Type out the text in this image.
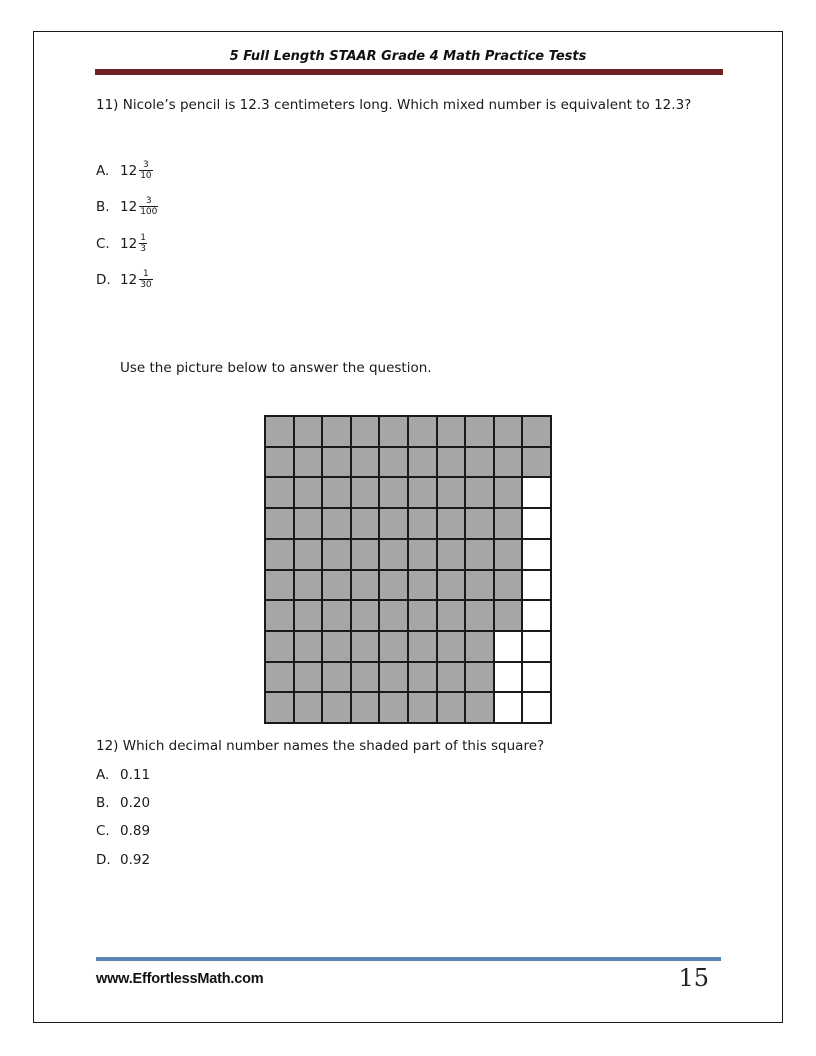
5 Full Length STAAR Grade 4 Math Practice Tests
11) Nicole’s pencil is 12.3 centimeters long. Which mixed number is equivalent to 12.3?
A. $12 \frac{3}{10}$
B. $12 \frac{3}{100}$
C. $12 \frac{1}{3}$
D. $12 \frac{1}{30}$
Use the picture below to answer the question.
12) Which decimal number names the shaded part of this square?
A. 0.11
B. 0.20
C. 0.89
D. 0.92
www.EffortlessMath.com	15
